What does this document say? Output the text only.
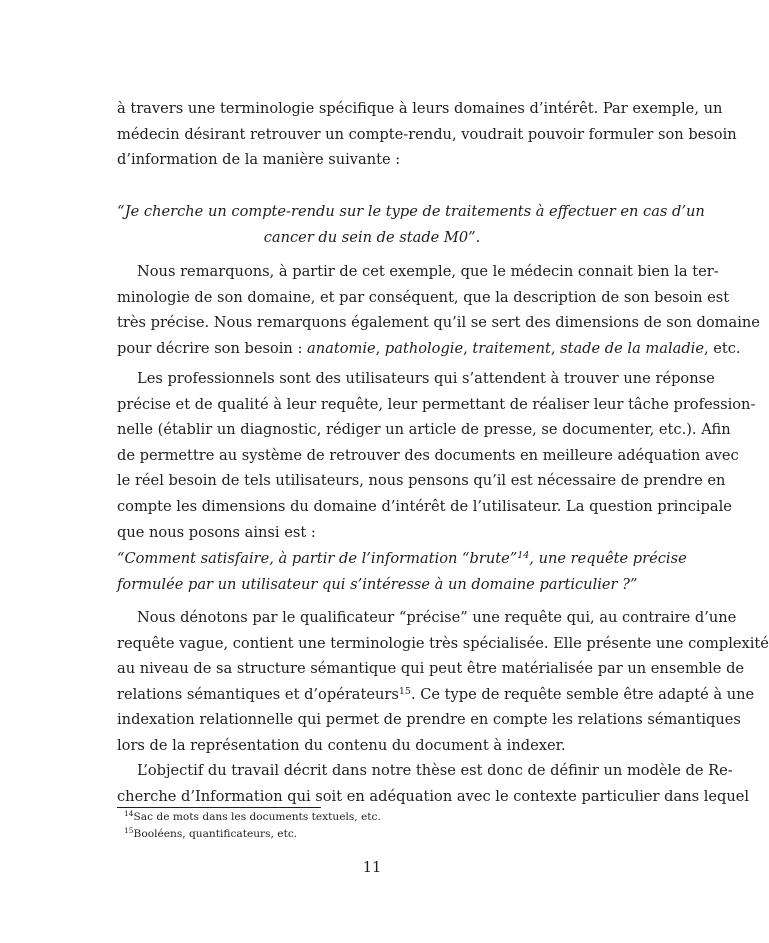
à travers une terminologie spécifique à leurs domaines d’intérêt. Par exemple, un
médecin désirant retrouver un compte-rendu, voudrait pouvoir formuler son besoin
d’information de la manière suivante :
“Je cherche un compte-rendu sur le type de traitements à effectuer en cas d’un
cancer du sein de stade M0”.
Nous remarquons, à partir de cet exemple, que le médecin connait bien la ter-
minologie de son domaine, et par conséquent, que la description de son besoin est
très précise. Nous remarquons également qu’il se sert des dimensions de son domaine
pour décrire son besoin : anatomie, pathologie, traitement, stade de la maladie, etc.
Les professionnels sont des utilisateurs qui s’attendent à trouver une réponse
précise et de qualité à leur requête, leur permettant de réaliser leur tâche profession-
nelle (établir un diagnostic, rédiger un article de presse, se documenter, etc.). Afin
de permettre au système de retrouver des documents en meilleure adéquation avec
le réel besoin de tels utilisateurs, nous pensons qu’il est nécessaire de prendre en
compte les dimensions du domaine d’intérêt de l’utilisateur. La question principale
que nous posons ainsi est :
“Comment satisfaire, à partir de l’information “brute”$^{14}$, une requête précise
formulée par un utilisateur qui s’intéresse à un domaine particulier ?”
Nous dénotons par le qualificateur “précise” une requête qui, au contraire d’une
requête vague, contient une terminologie très spécialisée. Elle présente une complexité
au niveau de sa structure sémantique qui peut être matérialisée par un ensemble de
relations sémantiques et d’opérateurs$^{15}$. Ce type de requête semble être adapté à une
indexation relationnelle qui permet de prendre en compte les relations sémantiques
lors de la représentation du contenu du document à indexer.
L’objectif du travail décrit dans notre thèse est donc de définir un modèle de Re-
cherche d’Information qui soit en adéquation avec le contexte particulier dans lequel
$^{14}$Sac de mots dans les documents textuels, etc.
$^{15}$Booléens, quantificateurs, etc.
11
